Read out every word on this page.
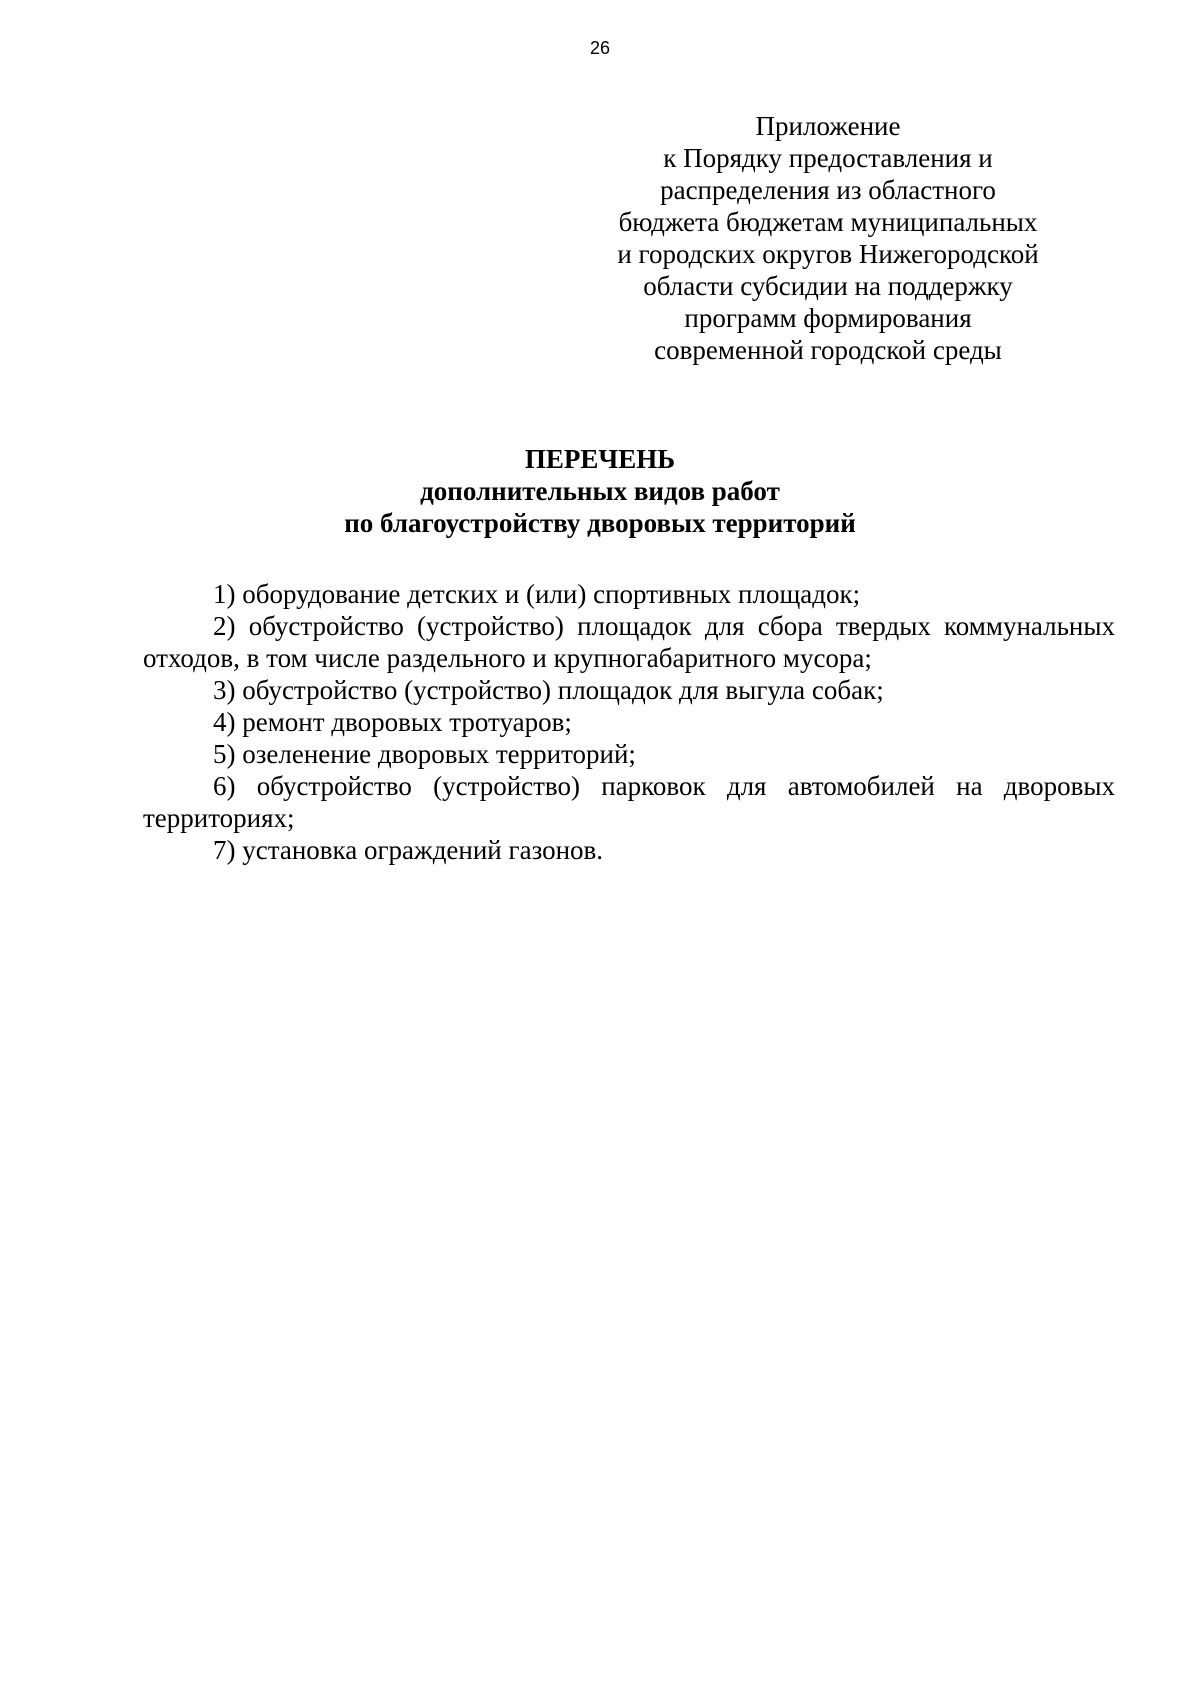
26
Приложение
к Порядку предоставления и
распределения из областного
бюджета бюджетам муниципальных
и городских округов Нижегородской
области субсидии на поддержку
программ формирования
современной городской среды
ПЕРЕЧЕНЬ
дополнительных видов работ
по благоустройству дворовых территорий
1) оборудование детских и (или) спортивных площадок;
2) обустройство (устройство) площадок для сбора твердых коммунальных отходов, в том числе раздельного и крупногабаритного мусора;
3) обустройство (устройство) площадок для выгула собак;
4) ремонт дворовых тротуаров;
5) озеленение дворовых территорий;
6) обустройство (устройство) парковок для автомобилей на дворовых территориях;
7) установка ограждений газонов.
